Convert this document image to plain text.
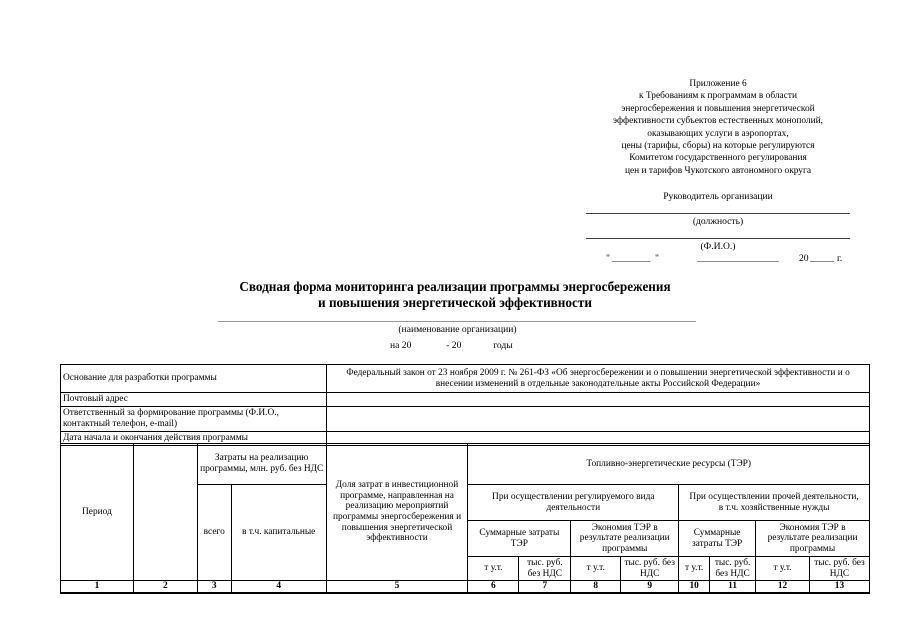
Приложение 6
к Требованиям к программам в области
энергосбережения и повышения энергетической
эффективности субъектов естественных монополий,
оказывающих услуги в аэропортах,
цены (тарифы, сборы) на которые регулируются
Комитетом государственного регулирования
цен и тарифов Чукотского автономного округа
Руководитель организации
(должность)
(Ф.И.О.)
" ________ "	_________________ 20 _____ г.
Сводная форма мониторинга реализации программы энергосбережения
и повышения энергетической эффективности
(наименование организации)
на 20	- 20	годы
Основание для разработки программы	Федеральный закон от 23 ноября 2009 г. № 261-ФЗ «Об энергосбережении и о повышении энергетической эффективности и о внесении изменений в отдельные законодательные акты Российской Федерации»
Почтовый адрес	
Ответственный за формирование программы (Ф.И.О., контактный телефон, e-mail)	
Дата начала и окончания действия программы	
Период		Затраты на реализацию программы, млн. руб. без НДС		Доля затрат в инвестиционной программе, направленная на реализацию мероприятий программы энергосбережения и повышения энергетической эффективности	Топливно-энергетические ресурсы (ТЭР)							
		всего	в т.ч. капитальные		При осуществлении регулируемого вида деятельности				При осуществлении прочей деятельности,
в т.ч. хозяйственные нужды			

					Суммарные затраты ТЭР		Экономия ТЭР в результате реализации программы		Суммарные затраты ТЭР		Экономия ТЭР в результате реализации программы	
					т у.т.	тыс. руб. без НДС	т у.т.	тыс. руб. без НДС	т у.т.	тыс. руб. без НДС	т у.т.	тыс. руб. без НДС
1	2	3	4	5	6	7	8	9	10	11	12	13
